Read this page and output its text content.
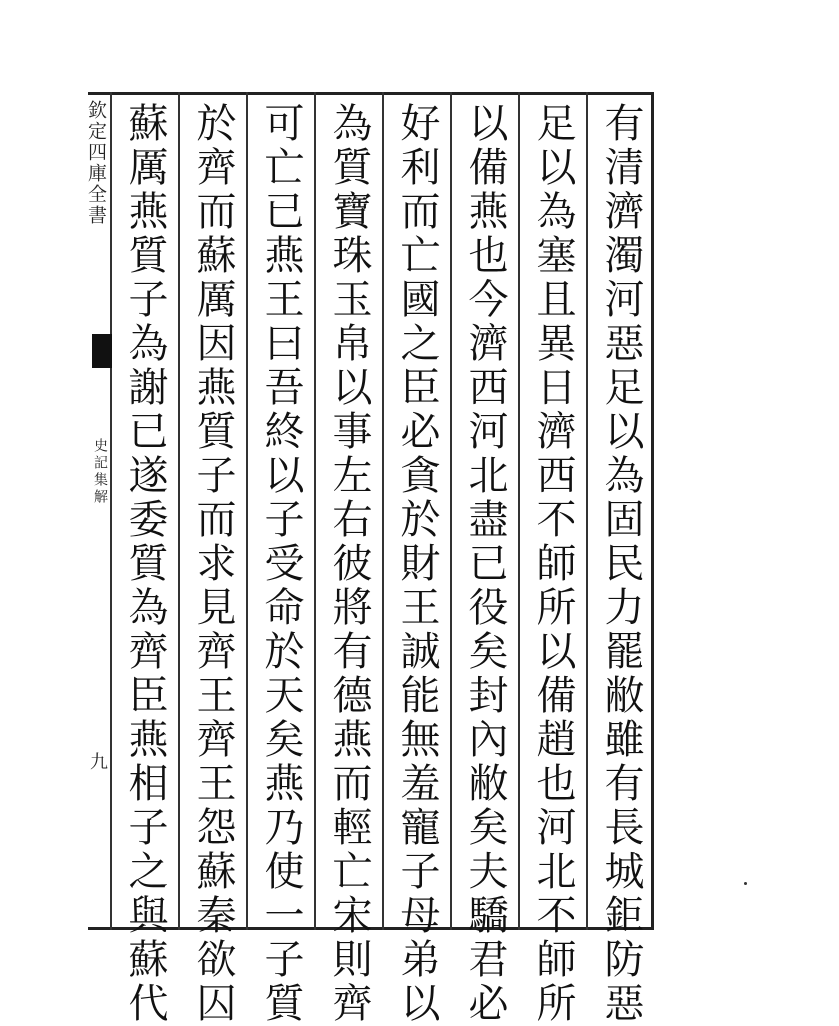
欽定四庫全書
史記集解
九	有清濟濁河惡足以為固民力罷敝雖有長城鉅防惡
足以為塞且異日濟西不師所以備趙也河北不師所
以備燕也今濟西河北盡已役矣封內敝矣夫驕君必
好利而亡國之臣必貪於財王誠能無羞寵子母弟以
為質寶珠玉帛以事左右彼將有德燕而輕亡宋則齊
可亡已燕王曰吾終以子受命於天矣燕乃使一子質
於齊而蘇厲因燕質子而求見齊王齊王怨蘇秦欲囚
蘇厲燕質子為謝已遂委質為齊臣燕相子之與蘇代
